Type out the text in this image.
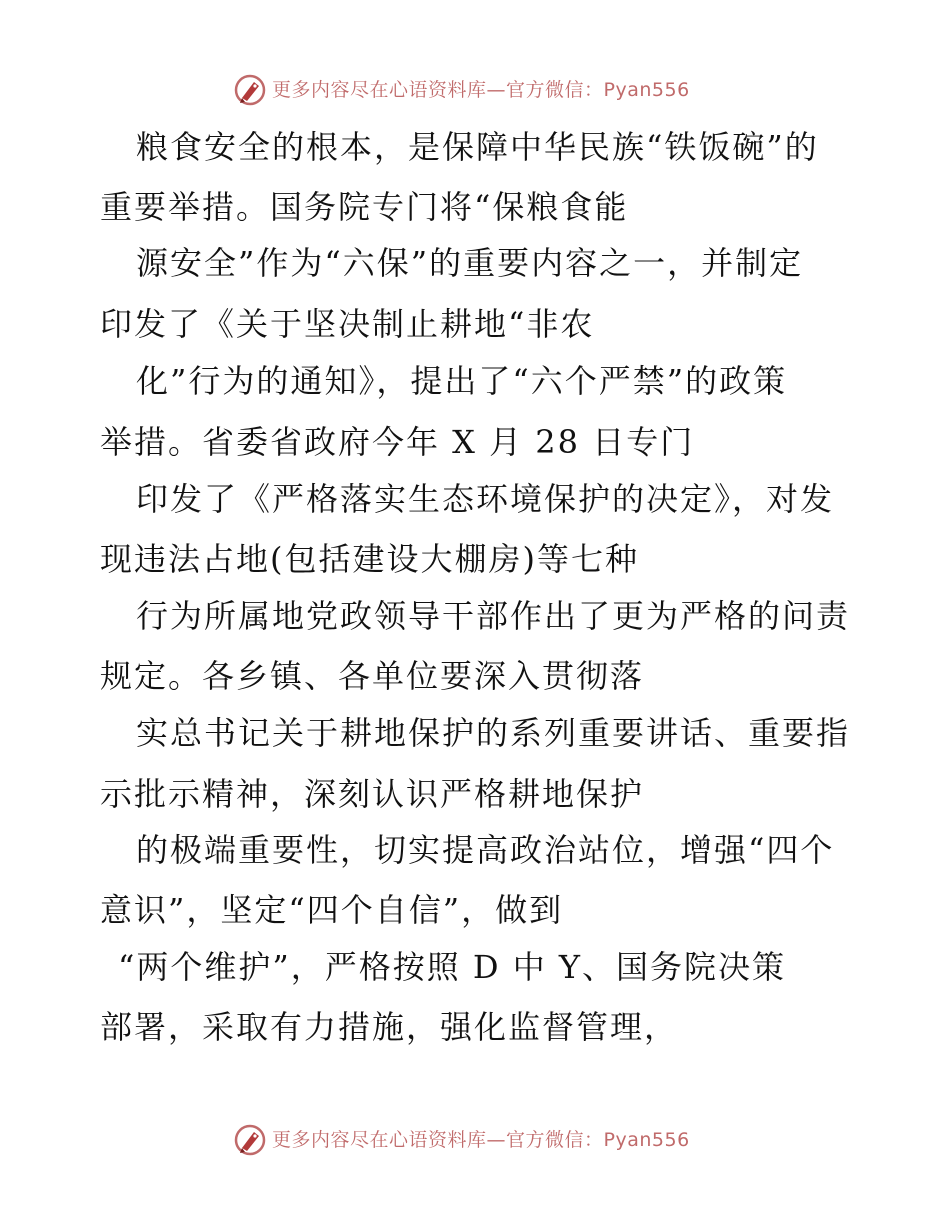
更多内容尽在心语资料库—官方微信：Pyan556
粮食安全的根本，是保障中华民族“铁饭碗”的
重要举措。国务院专门将“保粮食能
源安全”作为“六保”的重要内容之一，并制定
印发了《关于坚决制止耕地“非农
化”行为的通知》，提出了“六个严禁”的政策
举措。省委省政府今年 X 月 28 日专门
印发了《严格落实生态环境保护的决定》，对发
现违法占地(包括建设大棚房)等七种
行为所属地党政领导干部作出了更为严格的问责
规定。各乡镇、各单位要深入贯彻落
实总书记关于耕地保护的系列重要讲话、重要指
示批示精神，深刻认识严格耕地保护
的极端重要性，切实提高政治站位，增强“四个
意识”，坚定“四个自信”，做到
“两个维护”，严格按照 D 中 Y、国务院决策
部署，采取有力措施，强化监督管理，
更多内容尽在心语资料库—官方微信：Pyan556
